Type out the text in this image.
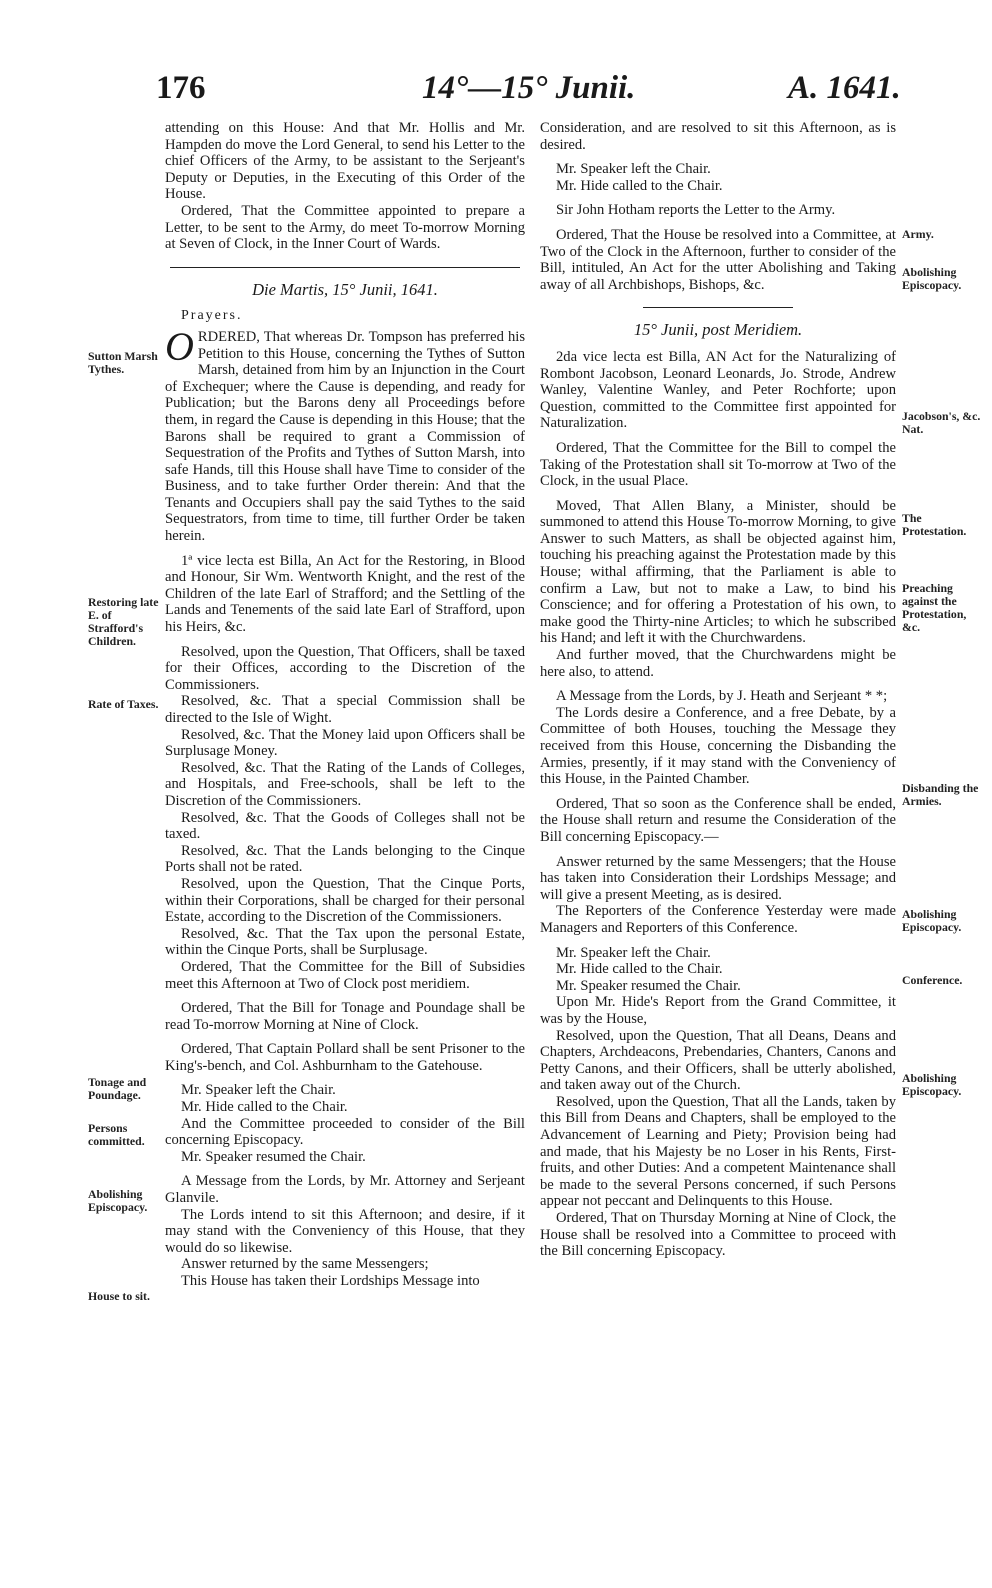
176	14°—15° Junii.	A. 1641.

attending on this House: And that Mr. Hollis and Mr. Hampden do move the Lord General, to send his Letter to the chief Officers of the Army, to be assistant to the Serjeant's Deputy or Deputies, in the Executing of this Order of the House.

Ordered, That the Committee appointed to prepare a Letter, to be sent to the Army, do meet To-morrow Morning at Seven of Clock, in the Inner Court of Wards.

Die Martis, 15° Junii, 1641.
Prayers.

ORDERED, That whereas Dr. Tompson has preferred his Petition to this House, concerning the Tythes of Sutton Marsh, detained from him by an Injunction in the Court of Exchequer; where the Cause is depending, and ready for Publication; but the Barons deny all Proceedings before them, in regard the Cause is depending in this House; that the Barons shall be required to grant a Commission of Sequestration of the Profits and Tythes of Sutton Marsh, into safe Hands, till this House shall have Time to consider of the Business, and to take further Order therein: And that the Tenants and Occupiers shall pay the said Tythes to the said Sequestrators, from time to time, till further Order be taken herein.

1ª vice lecta est Billa, An Act for the Restoring, in Blood and Honour, Sir Wm. Wentworth Knight, and the rest of the Children of the late Earl of Strafford; and the Settling of the Lands and Tenements of the said late Earl of Strafford, upon his Heirs, &c.

Resolved, upon the Question, That Officers, shall be taxed for their Offices, according to the Discretion of the Commissioners.

Resolved, &c. That a special Commission shall be directed to the Isle of Wight.

Resolved, &c. That the Money laid upon Officers shall be Surplusage Money.

Resolved, &c. That the Rating of the Lands of Colleges, and Hospitals, and Free-schools, shall be left to the Discretion of the Commissioners.

Resolved, &c. That the Goods of Colleges shall not be taxed.

Resolved, &c. That the Lands belonging to the Cinque Ports shall not be rated.

Resolved, upon the Question, That the Cinque Ports, within their Corporations, shall be charged for their personal Estate, according to the Discretion of the Commissioners.

Resolved, &c. That the Tax upon the personal Estate, within the Cinque Ports, shall be Surplusage.

Ordered, That the Committee for the Bill of Subsidies meet this Afternoon at Two of Clock post meridiem.

Ordered, That the Bill for Tonage and Poundage shall be read To-morrow Morning at Nine of Clock.

Ordered, That Captain Pollard shall be sent Prisoner to the King's-bench, and Col. Ashburnham to the Gatehouse.

Mr. Speaker left the Chair.

Mr. Hide called to the Chair.

And the Committee proceeded to consider of the Bill concerning Episcopacy.

Mr. Speaker resumed the Chair.

A Message from the Lords, by Mr. Attorney and Serjeant Glanvile.

The Lords intend to sit this Afternoon; and desire, if it may stand with the Conveniency of this House, that they would do so likewise.

Answer returned by the same Messengers;

This House has taken their Lordships Message into

Consideration, and are resolved to sit this Afternoon, as is desired.

Mr. Speaker left the Chair.

Mr. Hide called to the Chair.

Sir John Hotham reports the Letter to the Army.

Ordered, That the House be resolved into a Committee, at Two of the Clock in the Afternoon, further to consider of the Bill, intituled, An Act for the utter Abolishing and Taking away of all Archbishops, Bishops, &c.

15° Junii, post Meridiem.

2da vice lecta est Billa, AN Act for the Naturalizing of Rombont Jacobson, Leonard Leonards, Jo. Strode, Andrew Wanley, Valentine Wanley, and Peter Rochforte; upon Question, committed to the Committee first appointed for Naturalization.

Ordered, That the Committee for the Bill to compel the Taking of the Protestation shall sit To-morrow at Two of the Clock, in the usual Place.

Moved, That Allen Blany, a Minister, should be summoned to attend this House To-morrow Morning, to give Answer to such Matters, as shall be objected against him, touching his preaching against the Protestation made by this House; withal affirming, that the Parliament is able to confirm a Law, but not to make a Law, to bind his Conscience; and for offering a Protestation of his own, to make good the Thirty-nine Articles; to which he subscribed his Hand; and left it with the Churchwardens.

And further moved, that the Churchwardens might be here also, to attend.

A Message from the Lords, by J. Heath and Serjeant * *;

The Lords desire a Conference, and a free Debate, by a Committee of both Houses, touching the Message they received from this House, concerning the Disbanding the Armies, presently, if it may stand with the Conveniency of this House, in the Painted Chamber.

Ordered, That so soon as the Conference shall be ended, the House shall return and resume the Consideration of the Bill concerning Episcopacy.—

Answer returned by the same Messengers; that the House has taken into Consideration their Lordships Message; and will give a present Meeting, as is desired.

The Reporters of the Conference Yesterday were made Managers and Reporters of this Conference.

Mr. Speaker left the Chair.

Mr. Hide called to the Chair.

Mr. Speaker resumed the Chair.

Upon Mr. Hide's Report from the Grand Committee, it was by the House,

Resolved, upon the Question, That all Deans, Deans and Chapters, Archdeacons, Prebendaries, Chanters, Canons and Petty Canons, and their Officers, shall be utterly abolished, and taken away out of the Church.

Resolved, upon the Question, That all the Lands, taken by this Bill from Deans and Chapters, shall be employed to the Advancement of Learning and Piety; Provision being had and made, that his Majesty be no Loser in his Rents, First-fruits, and other Duties: And a competent Maintenance shall be made to the several Persons concerned, if such Persons appear not peccant and Delinquents to this House.

Ordered, That on Thursday Morning at Nine of Clock, the House shall be resolved into a Committee to proceed with the Bill concerning Episcopacy.

Sutton Marsh Tythes.
Restoring late E. of Strafford's Children.
Rate of Taxes.
Tonage and Poundage.
Persons committed.
Abolishing Episcopacy.
House to sit.
Army.
Abolishing Episcopacy.
Jacobson's, &c. Nat.
The Protestation.
Preaching against the Protestation, &c.
Disbanding the Armies.
Abolishing Episcopacy.
Conference.
Abolishing Episcopacy.
